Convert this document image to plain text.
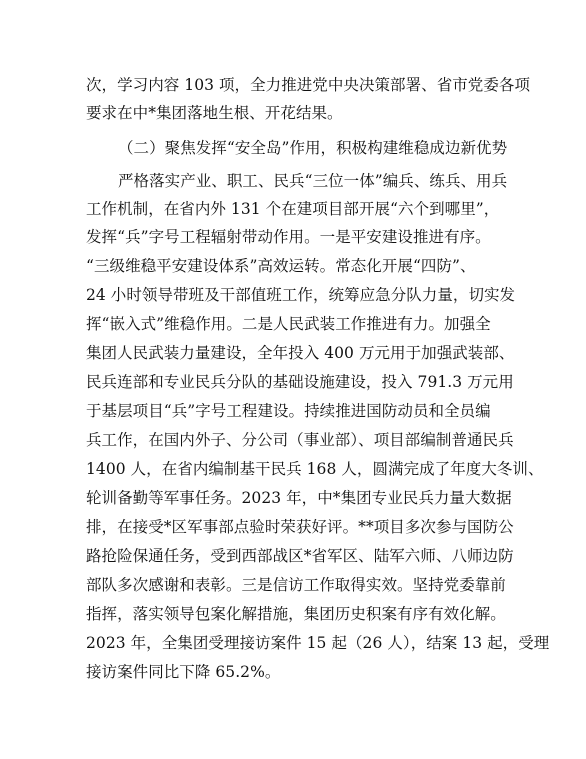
次，学习内容 103 项，全力推进党中央决策部署、省市党委各项
要求在中*集团落地生根、开花结果。
（二）聚焦发挥“安全岛”作用，积极构建维稳成边新优势
严格落实产业、职工、民兵“三位一体”编兵、练兵、用兵
工作机制，在省内外 131 个在建项目部开展“六个到哪里”，
发挥“兵”字号工程辐射带动作用。一是平安建设推进有序。
“三级维稳平安建设体系”高效运转。常态化开展“四防”、
24 小时领导带班及干部值班工作，统筹应急分队力量，切实发
挥“嵌入式”维稳作用。二是人民武装工作推进有力。加强全
集团人民武装力量建设，全年投入 400 万元用于加强武装部、
民兵连部和专业民兵分队的基础设施建设，投入 791.3 万元用
于基层项目“兵”字号工程建设。持续推进国防动员和全员编
兵工作，在国内外子、分公司（事业部）、项目部编制普通民兵
1400 人，在省内编制基干民兵 168 人，圆满完成了年度大冬训、
轮训备勤等军事任务。2023 年，中*集团专业民兵力量大数据
排，在接受*区军事部点验时荣获好评。**项目多次参与国防公
路抢险保通任务，受到西部战区*省军区、陆军六师、八师边防
部队多次感谢和表彰。三是信访工作取得实效。坚持党委靠前
指挥，落实领导包案化解措施，集团历史积案有序有效化解。
2023 年，全集团受理接访案件 15 起（26 人），结案 13 起，受理
接访案件同比下降 65.2%。
